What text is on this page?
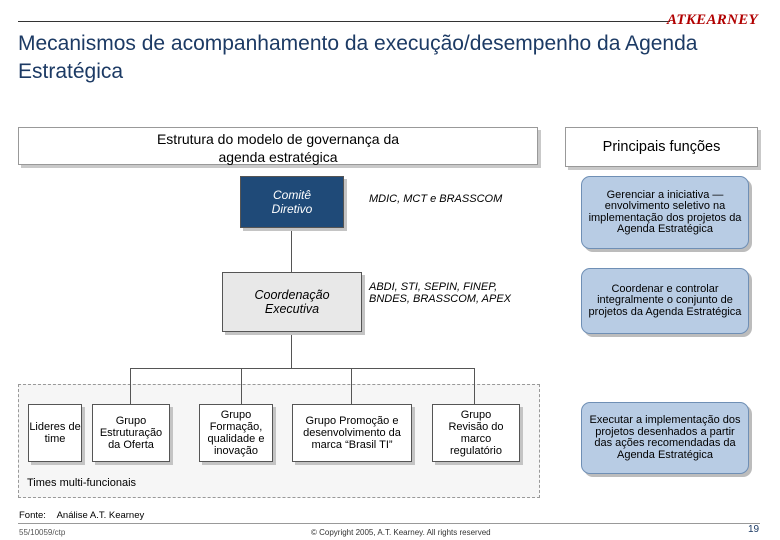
ATKEARNEY
Mecanismos de acompanhamento da execução/desempenho da Agenda Estratégica
Estrutura do modelo de governança da agenda estratégica
Principais funções
Comitê Diretivo
MDIC, MCT e BRASSCOM
Coordenação Executiva
ABDI, STI, SEPIN, FINEP, BNDES, BRASSCOM, APEX
Lideres de time
Grupo Estruturação da Oferta
Grupo Formação, qualidade e inovação
Grupo Promoção e desenvolvimento da marca “Brasil TI”
Grupo Revisão do marco regulatório
Times multi-funcionais
Gerenciar a iniciativa — envolvimento seletivo na implementação dos projetos da Agenda Estratégica
Coordenar e controlar integralmente o conjunto de projetos da Agenda Estratégica
Executar a implementação dos projetos desenhados a partir das ações recomendadas da Agenda Estratégica
Fonte: Análise A.T. Kearney
55/10059/ctp	© Copyright 2005, A.T. Kearney. All rights reserved	19
